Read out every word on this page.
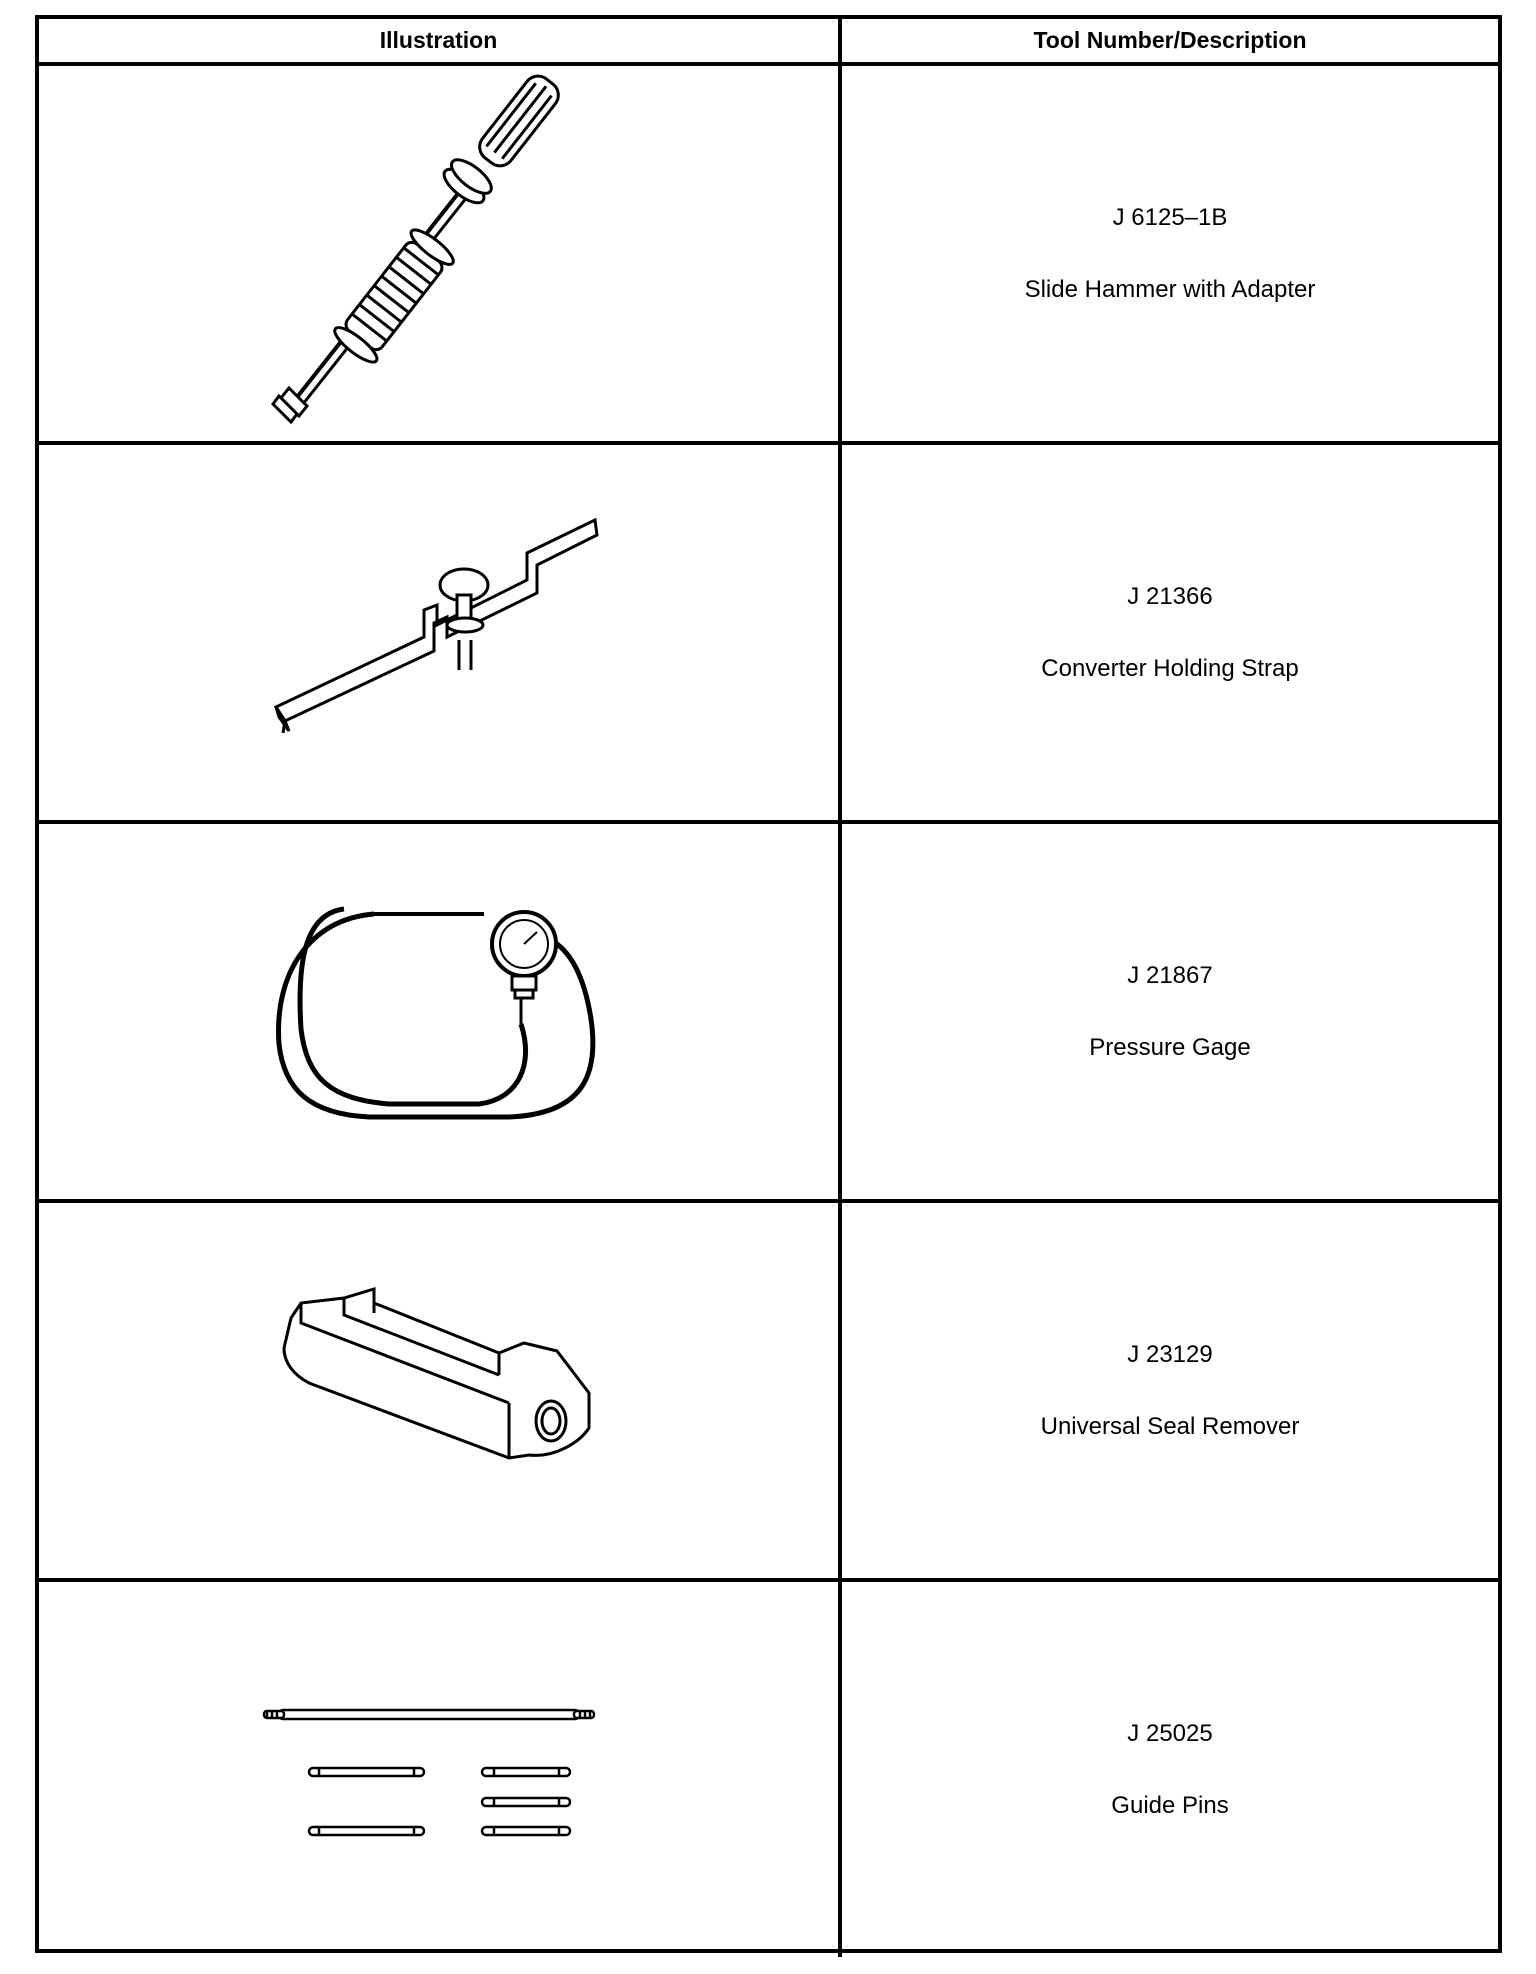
Illustration	Tool Number/Description
J 6125–1B
Slide Hammer with Adapter
J 21366
Converter Holding Strap
J 21867
Pressure Gage
J 23129
Universal Seal Remover
J 25025
Guide Pins
